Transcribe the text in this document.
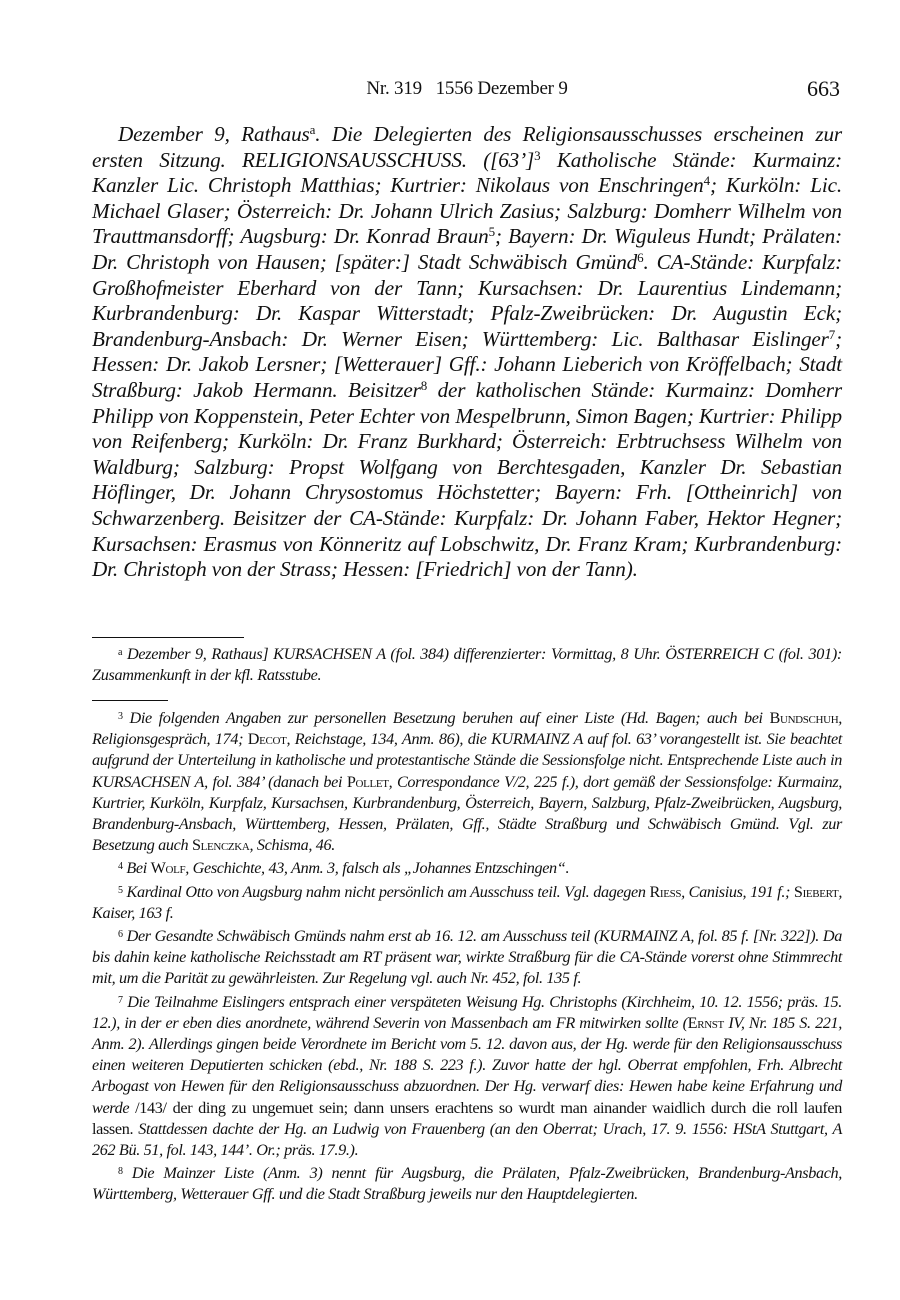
Nr. 319   1556 Dezember 9	663

Dezember 9, Rathaus$^a$. Die Delegierten des Religionsausschusses erscheinen zur ersten Sitzung. RELIGIONSAUSSCHUSS. ([63’]$^3$ Katholische Stände: Kurmainz: Kanzler Lic. Christoph Matthias; Kurtrier: Nikolaus von Enschringen$^4$; Kurköln: Lic. Michael Glaser; Österreich: Dr. Johann Ulrich Zasius; Salzburg: Domherr Wilhelm von Trauttmansdorff; Augsburg: Dr. Konrad Braun$^5$; Bayern: Dr. Wiguleus Hundt; Prälaten: Dr. Christoph von Hausen; [später:] Stadt Schwäbisch Gmünd$^6$. CA-Stände: Kurpfalz: Großhofmeister Eberhard von der Tann; Kursachsen: Dr. Laurentius Lindemann; Kurbrandenburg: Dr. Kaspar Witterstadt; Pfalz-Zweibrücken: Dr. Augustin Eck; Brandenburg-Ansbach: Dr. Werner Eisen; Württemberg: Lic. Balthasar Eislinger$^7$; Hessen: Dr. Jakob Lersner; [Wetterauer] Gff.: Johann Lieberich von Kröffelbach; Stadt Straßburg: Jakob Hermann. Beisitzer$^8$ der katholischen Stände: Kurmainz: Domherr Philipp von Koppenstein, Peter Echter von Mespelbrunn, Simon Bagen; Kurtrier: Philipp von Reifenberg; Kurköln: Dr. Franz Burkhard; Österreich: Erbtruchsess Wilhelm von Waldburg; Salzburg: Propst Wolfgang von Berchtesgaden, Kanzler Dr. Sebastian Höflinger, Dr. Johann Chrysostomus Höchstetter; Bayern: Frh. [Ottheinrich] von Schwarzenberg. Beisitzer der CA-Stände: Kurpfalz: Dr. Johann Faber, Hektor Hegner; Kursachsen: Erasmus von Könneritz auf Lobschwitz, Dr. Franz Kram; Kurbrandenburg: Dr. Christoph von der Strass; Hessen: [Friedrich] von der Tann).

$^a$ Dezember 9, Rathaus] KURSACHSEN A (fol. 384) differenzierter: Vormittag, 8 Uhr. ÖSTERREICH C (fol. 301): Zusammenkunft in der kfl. Ratsstube.

$^3$ Die folgenden Angaben zur personellen Besetzung beruhen auf einer Liste (Hd. Bagen; auch bei Bundschuh, Religionsgespräch, 174; Decot, Reichstage, 134, Anm. 86), die KURMAINZ A auf fol. 63’ vorangestellt ist. Sie beachtet aufgrund der Unterteilung in katholische und protestantische Stände die Sessionsfolge nicht. Entsprechende Liste auch in KURSACHSEN A, fol. 384’ (danach bei Pollet, Correspondance V/2, 225 f.), dort gemäß der Sessionsfolge: Kurmainz, Kurtrier, Kurköln, Kurpfalz, Kursachsen, Kurbrandenburg, Österreich, Bayern, Salzburg, Pfalz-Zweibrücken, Augsburg, Brandenburg-Ansbach, Württemberg, Hessen, Prälaten, Gff., Städte Straßburg und Schwäbisch Gmünd. Vgl. zur Besetzung auch Slenczka, Schisma, 46.

$^4$ Bei Wolf, Geschichte, 43, Anm. 3, falsch als „Johannes Entzschingen“.

$^5$ Kardinal Otto von Augsburg nahm nicht persönlich am Ausschuss teil. Vgl. dagegen Riess, Canisius, 191 f.; Siebert, Kaiser, 163 f.

$^6$ Der Gesandte Schwäbisch Gmünds nahm erst ab 16. 12. am Ausschuss teil (KURMAINZ A, fol. 85 f. [Nr. 322]). Da bis dahin keine katholische Reichsstadt am RT präsent war, wirkte Straßburg für die CA-Stände vorerst ohne Stimmrecht mit, um die Parität zu gewährleisten. Zur Regelung vgl. auch Nr. 452, fol. 135 f.

$^7$ Die Teilnahme Eislingers entsprach einer verspäteten Weisung Hg. Christophs (Kirchheim, 10. 12. 1556; präs. 15. 12.), in der er eben dies anordnete, während Severin von Massenbach am FR mitwirken sollte (Ernst IV, Nr. 185 S. 221, Anm. 2). Allerdings gingen beide Verordnete im Bericht vom 5. 12. davon aus, der Hg. werde für den Religionsausschuss einen weiteren Deputierten schicken (ebd., Nr. 188 S. 223 f.). Zuvor hatte der hgl. Oberrat empfohlen, Frh. Albrecht Arbogast von Hewen für den Religionsausschuss abzuordnen. Der Hg. verwarf dies: Hewen habe keine Erfahrung und werde /143/ der ding zu ungemuet sein; dann unsers erachtens so wurdt man ainander waidlich durch die roll laufen lassen. Stattdessen dachte der Hg. an Ludwig von Frauenberg (an den Oberrat; Urach, 17. 9. 1556: HStA Stuttgart, A 262 Bü. 51, fol. 143, 144’. Or.; präs. 17.9.).

$^8$ Die Mainzer Liste (Anm. 3) nennt für Augsburg, die Prälaten, Pfalz-Zweibrücken, Brandenburg-Ansbach, Württemberg, Wetterauer Gff. und die Stadt Straßburg jeweils nur den Hauptdelegierten.
